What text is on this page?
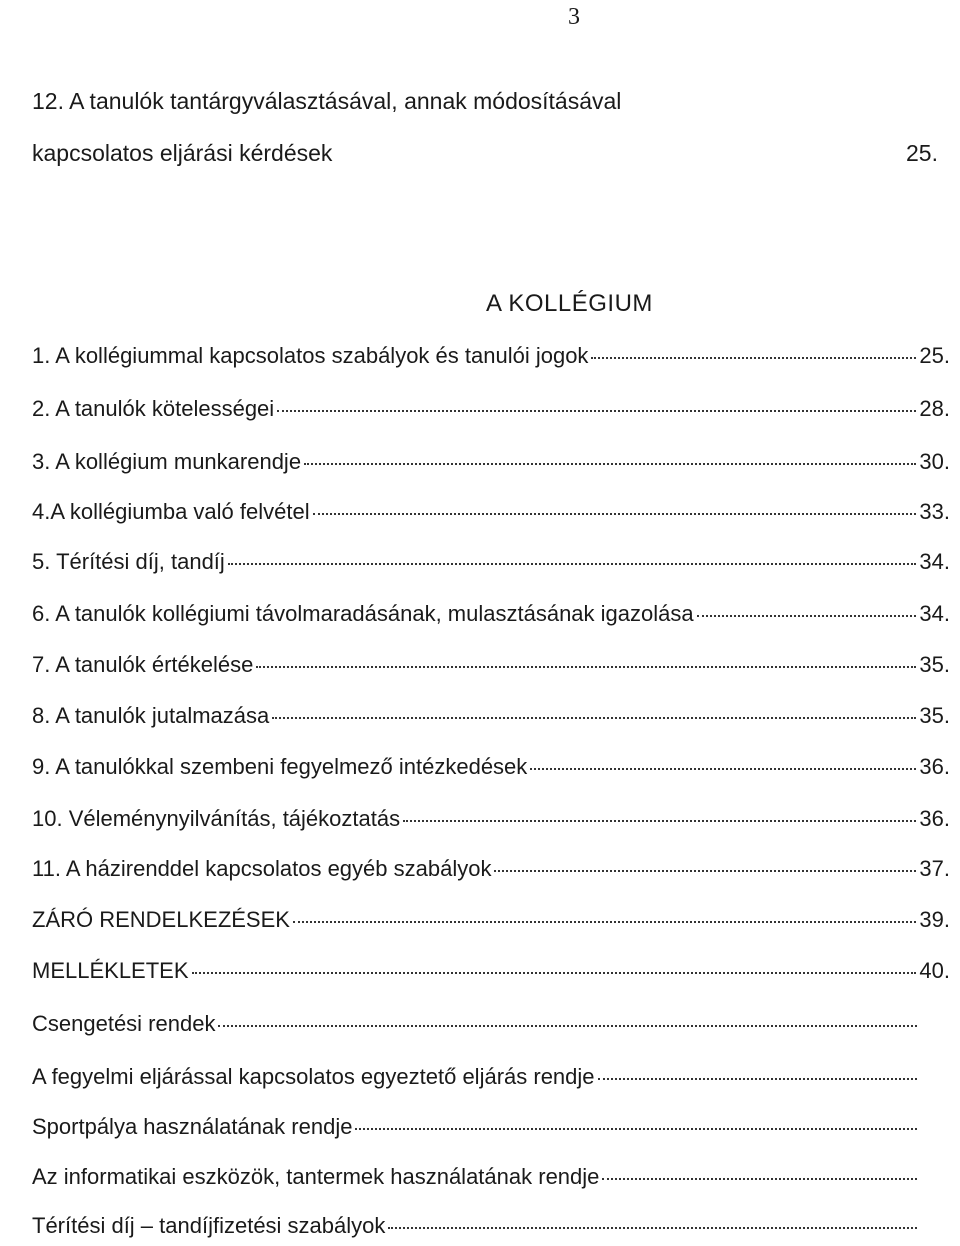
3
12. A tanulók tantárgyválasztásával, annak módosításával
kapcsolatos eljárási kérdések	25.
A KOLLÉGIUM
1. A kollégiummal kapcsolatos szabályok és tanulói jogok	25.
2. A tanulók kötelességei	28.
3. A kollégium munkarendje	30.
4.A kollégiumba való felvétel	33.
5. Térítési díj, tandíj	34.
6. A tanulók kollégiumi távolmaradásának, mulasztásának igazolása	34.
7. A tanulók értékelése	35.
8. A tanulók jutalmazása	35.
9. A tanulókkal szembeni fegyelmező intézkedések	36.
10. Véleménynyilvánítás, tájékoztatás	36.
11. A házirenddel kapcsolatos egyéb szabályok	37.
ZÁRÓ RENDELKEZÉSEK	39.
MELLÉKLETEK	40.
Csengetési rendek
A fegyelmi eljárással kapcsolatos egyeztető eljárás rendje
Sportpálya használatának rendje
Az informatikai eszközök, tantermek használatának rendje
Térítési díj – tandíjfizetési szabályok
